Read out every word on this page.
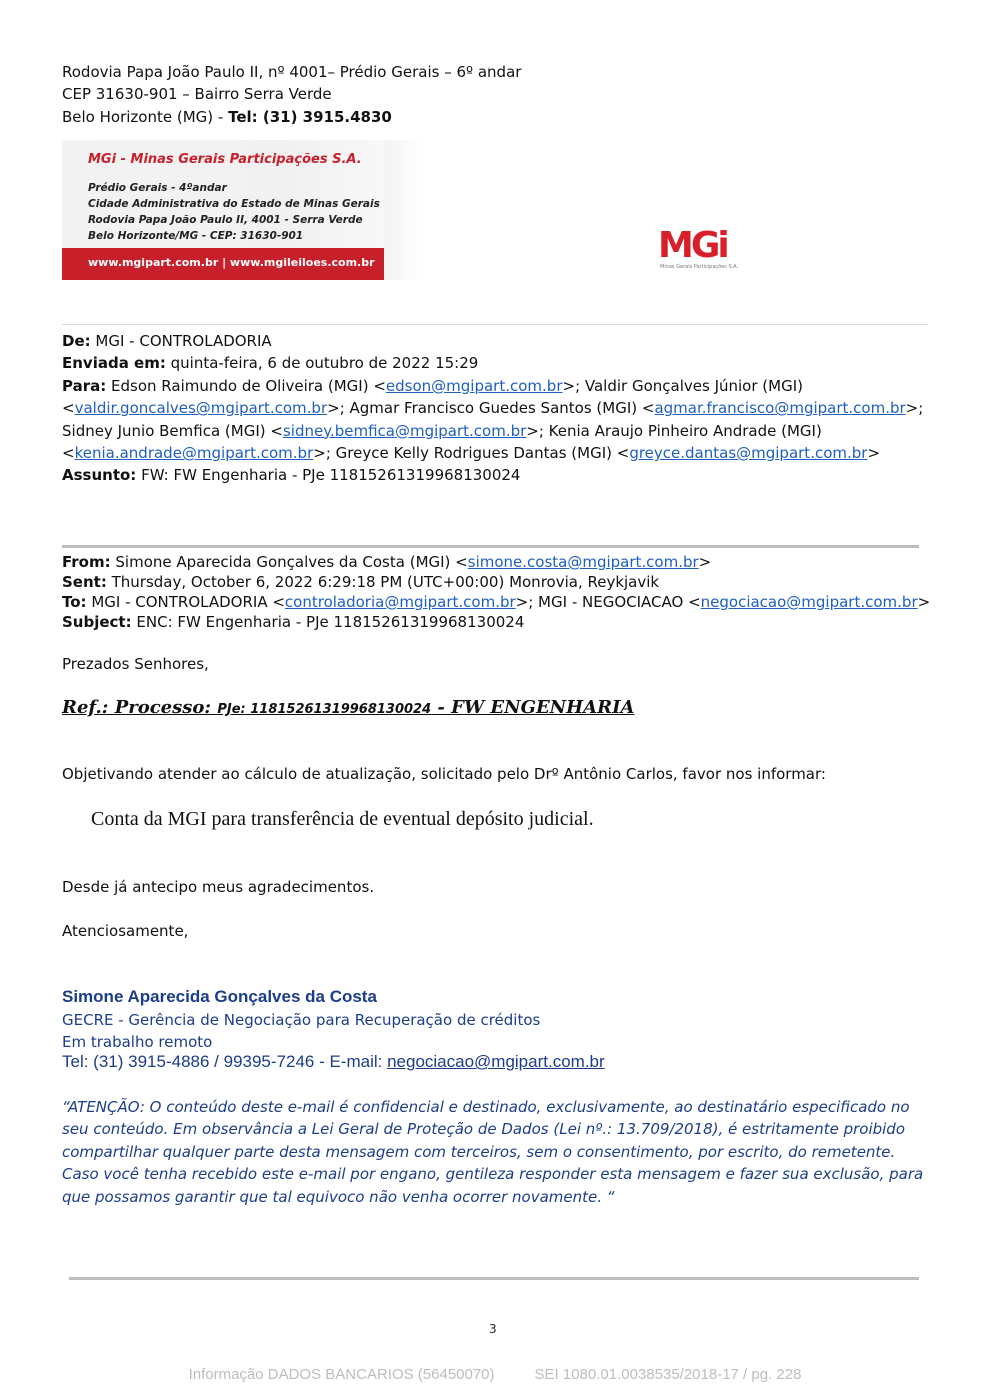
Rodovia Papa João Paulo II, nº 4001– Prédio Gerais – 6º andar
CEP 31630-901 – Bairro Serra Verde
Belo Horizonte (MG) - Tel: (31) 3915.4830
MGi - Minas Gerais Participações S.A.
Prédio Gerais - 4ºandar
Cidade Administrativa do Estado de Minas Gerais
Rodovia Papa João Paulo II, 4001 - Serra Verde
Belo Horizonte/MG - CEP: 31630-901
www.mgipart.com.br | www.mgileiloes.com.br	MGi
Minas Gerais Participações S.A.
De: MGI - CONTROLADORIA
Enviada em: quinta-feira, 6 de outubro de 2022 15:29
Para: Edson Raimundo de Oliveira (MGI) <edson@mgipart.com.br>; Valdir Gonçalves Júnior (MGI)
<valdir.goncalves@mgipart.com.br>; Agmar Francisco Guedes Santos (MGI) <agmar.francisco@mgipart.com.br>;
Sidney Junio Bemfica (MGI) <sidney.bemfica@mgipart.com.br>; Kenia Araujo Pinheiro Andrade (MGI)
<kenia.andrade@mgipart.com.br>; Greyce Kelly Rodrigues Dantas (MGI) <greyce.dantas@mgipart.com.br>
Assunto: FW: FW Engenharia - PJe 11815261319968130024
From: Simone Aparecida Gonçalves da Costa (MGI) <simone.costa@mgipart.com.br>
Sent: Thursday, October 6, 2022 6:29:18 PM (UTC+00:00) Monrovia, Reykjavik
To: MGI - CONTROLADORIA <controladoria@mgipart.com.br>; MGI - NEGOCIACAO <negociacao@mgipart.com.br>
Subject: ENC: FW Engenharia - PJe 11815261319968130024
Prezados Senhores,
Ref.: Processo: PJe: 11815261319968130024 - FW ENGENHARIA
Objetivando atender ao cálculo de atualização, solicitado pelo Drº Antônio Carlos, favor nos informar:
Conta da MGI para transferência de eventual depósito judicial.
Desde já antecipo meus agradecimentos.
Atenciosamente,
Simone Aparecida Gonçalves da Costa
GECRE - Gerência de Negociação para Recuperação de créditos
Em trabalho remoto
Tel: (31) 3915-4886 / 99395-7246 - E-mail: negociacao@mgipart.com.br
“ATENÇÃO: O conteúdo deste e-mail é confidencial e destinado, exclusivamente, ao destinatário especificado no seu conteúdo. Em observância a Lei Geral de Proteção de Dados (Lei nº.: 13.709/2018), é estritamente proibido compartilhar qualquer parte desta mensagem com terceiros, sem o consentimento, por escrito, do remetente. Caso você tenha recebido este e-mail por engano, gentileza responder esta mensagem e fazer sua exclusão, para que possamos garantir que tal equivoco não venha ocorrer novamente. “
3
Informação DADOS BANCARIOS (56450070)	SEI 1080.01.0038535/2018-17 / pg. 228
